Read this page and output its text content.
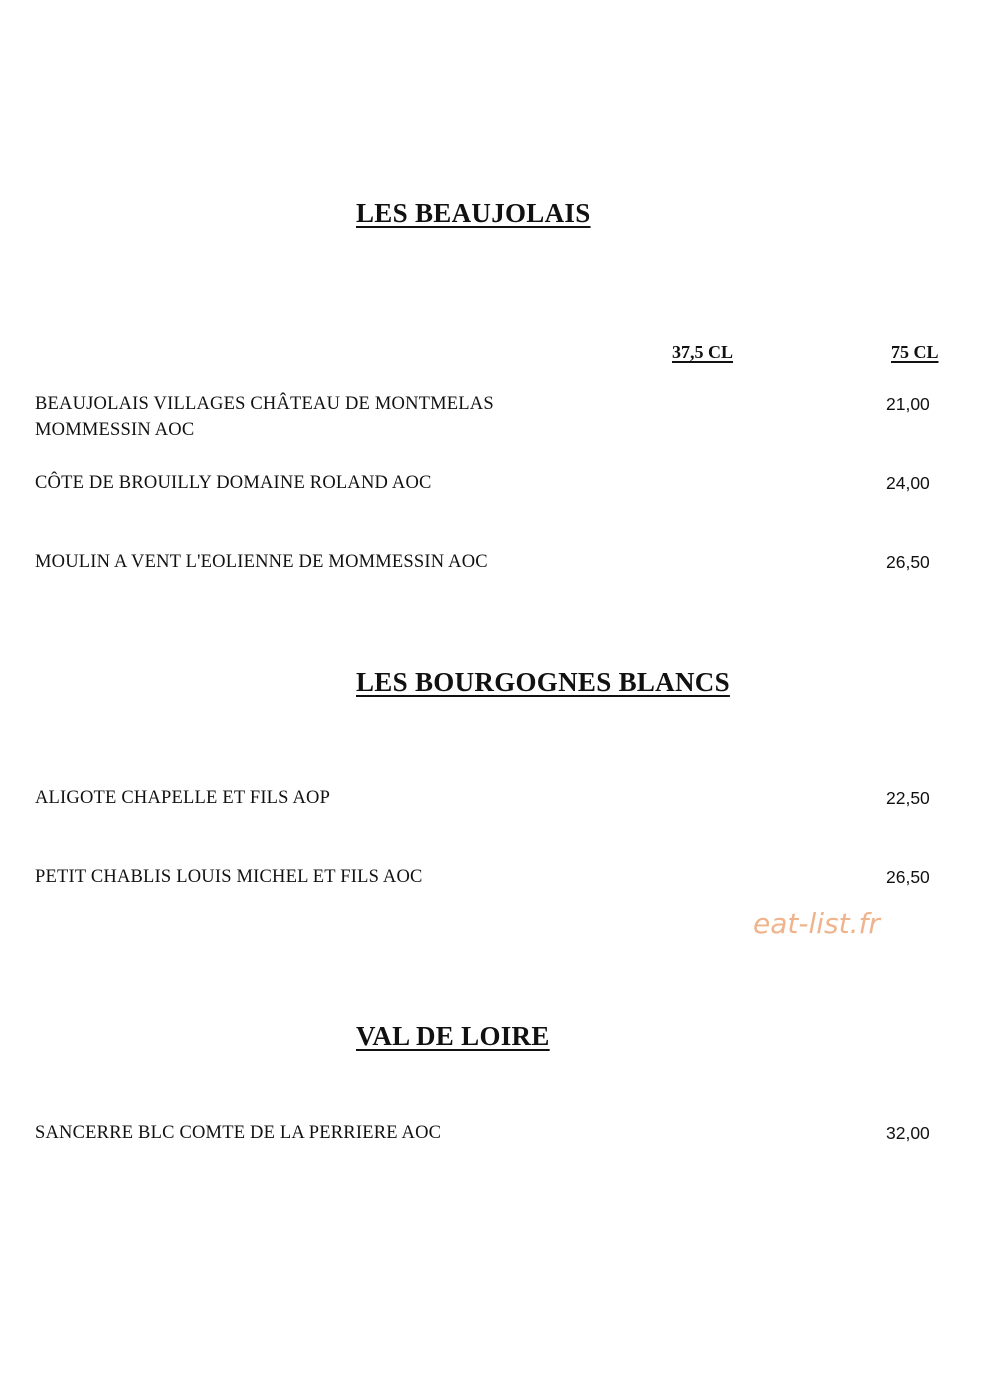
LES BEAUJOLAIS
37,5 CL	75 CL
BEAUJOLAIS VILLAGES CHÂTEAU DE MONTMELAS
MOMMESSIN AOC
21,00
CÔTE DE BROUILLY DOMAINE ROLAND AOC	24,00
MOULIN A VENT L'EOLIENNE DE MOMMESSIN AOC	26,50
LES BOURGOGNES BLANCS
ALIGOTE CHAPELLE ET FILS AOP	22,50
PETIT CHABLIS LOUIS MICHEL ET FILS AOC	26,50
eat-list.fr
VAL DE LOIRE
SANCERRE BLC COMTE DE LA PERRIERE AOC	32,00
